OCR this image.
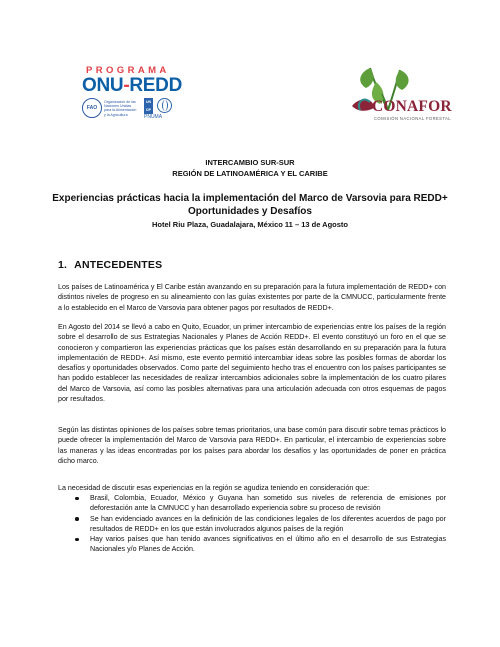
PROGRAMA
ONU-REDD
FAO
Organización de las Naciones Unidas para la Alimentación y la Agricultura
UN DP
PNUMA
CONAFOR
COMISIÓN NACIONAL FORESTAL
INTERCAMBIO SUR-SUR
REGIÓN DE LATINOAMÉRICA Y EL CARIBE
Experiencias prácticas hacia la implementación del Marco de Varsovia para REDD+
Oportunidades y Desafíos
Hotel Riu Plaza, Guadalajara, México 11 – 13 de Agosto
1. ANTECEDENTES

Los países de Latinoamérica y El Caribe están avanzando en su preparación para la futura implementación de REDD+ con distintos niveles de progreso en su alineamiento con las guías existentes por parte de la CMNUCC, particularmente frente a lo establecido en el Marco de Varsovia para obtener pagos por resultados de REDD+.

En Agosto del 2014 se llevó a cabo en Quito, Ecuador, un primer intercambio de experiencias entre los países de la región sobre el desarrollo de sus Estrategias Nacionales y Planes de Acción REDD+. El evento constituyó un foro en el que se conocieron y compartieron las experiencias prácticas que los países están desarrollando en su preparación para la futura implementación de REDD+. Así mismo, este evento permitió intercambiar ideas sobre las posibles formas de abordar los desafíos y oportunidades observados. Como parte del seguimiento hecho tras el encuentro con los países participantes se han podido establecer las necesidades de realizar intercambios adicionales sobre la implementación de los cuatro pilares del Marco de Varsovia, así como las posibles alternativas para una articulación adecuada con otros esquemas de pagos por resultados.

Según las distintas opiniones de los países sobre temas prioritarios, una base común para discutir sobre temas prácticos lo puede ofrecer la implementación del Marco de Varsovia para REDD+. En particular, el intercambio de experiencias sobre las maneras y las ideas encontradas por los países para abordar los desafíos y las oportunidades de poner en práctica dicho marco.

La necesidad de discutir esas experiencias en la región se agudiza teniendo en consideración que:

Brasil, Colombia, Ecuador, México y Guyana han sometido sus niveles de referencia de emisiones por deforestación ante la CMNUCC y han desarrollado experiencia sobre su proceso de revisión
Se han evidenciado avances en la definición de las condiciones legales de los diferentes acuerdos de pago por resultados de REDD+ en los que están involucrados algunos países de la región
Hay varios países que han tenido avances significativos en el último año en el desarrollo de sus Estrategias Nacionales y/o Planes de Acción.
